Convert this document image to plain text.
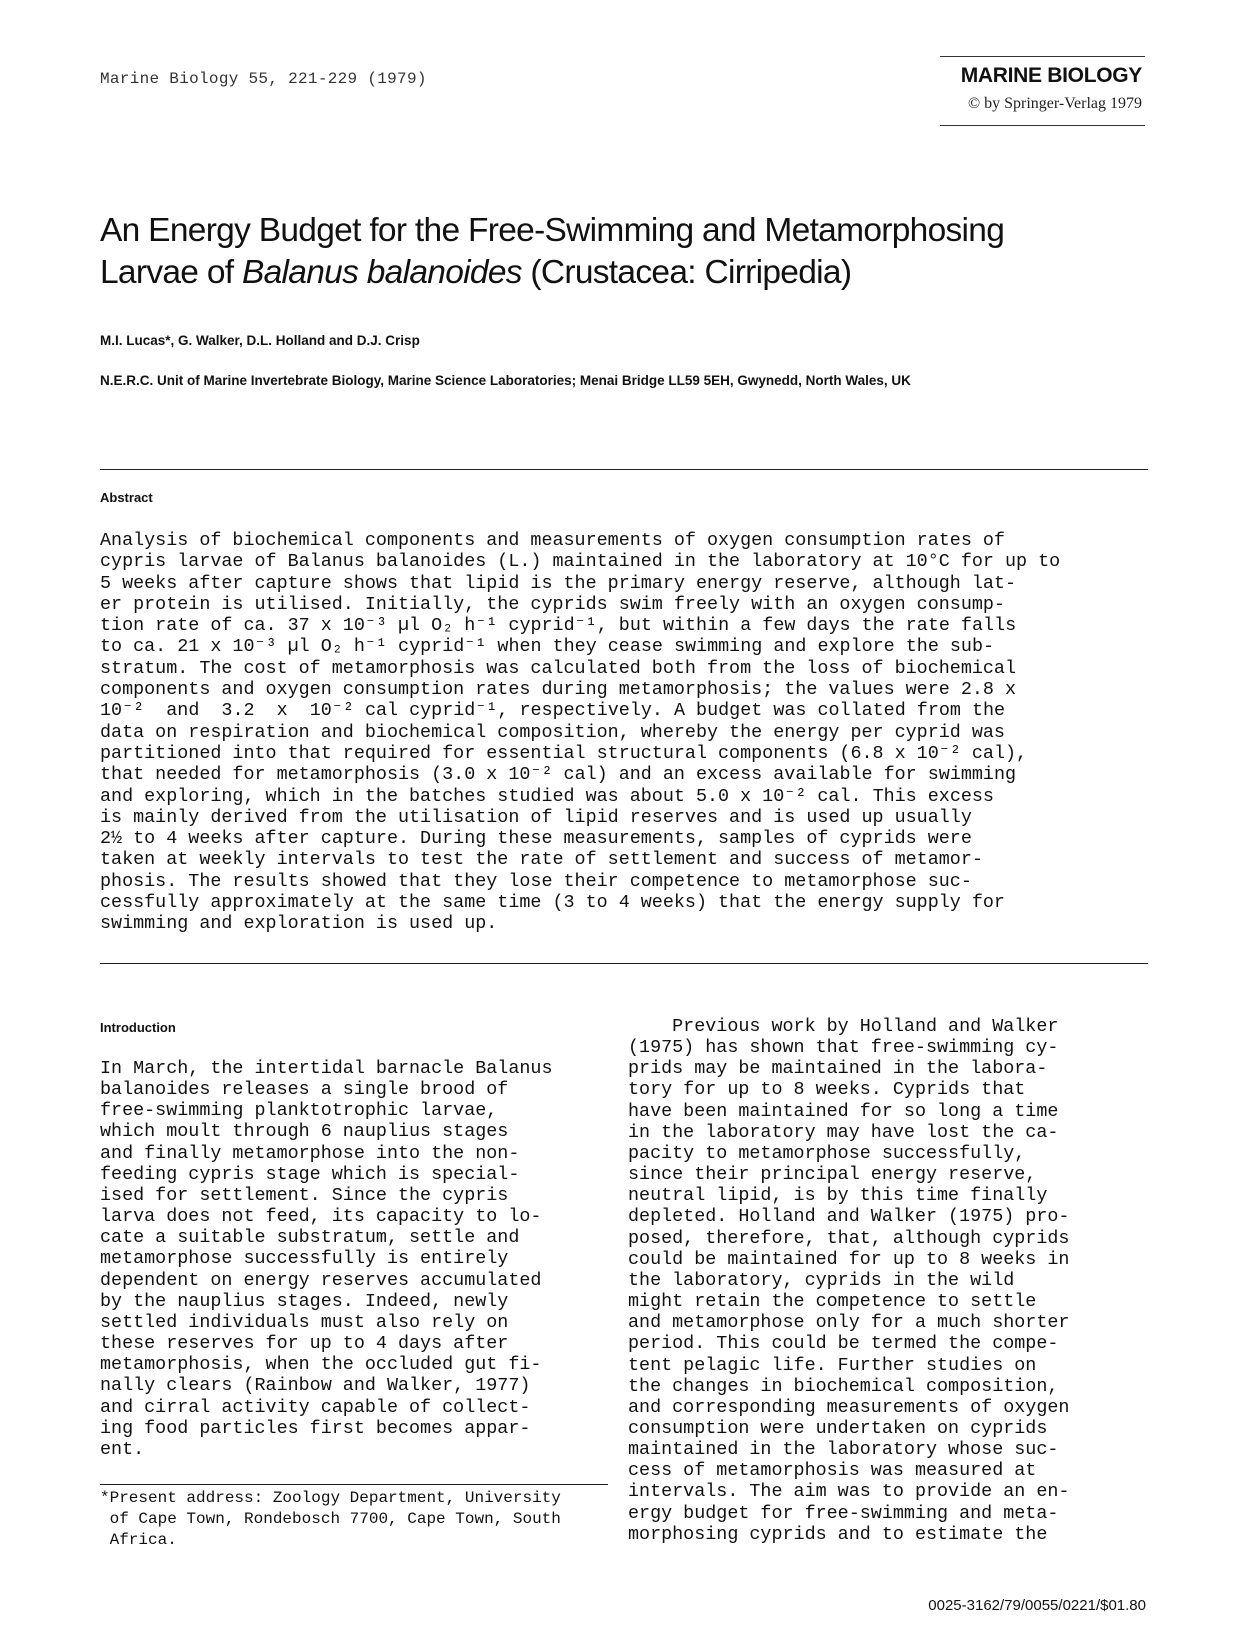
Marine Biology 55, 221-229 (1979)	MARINE BIOLOGY
© by Springer-Verlag 1979
An Energy Budget for the Free-Swimming and Metamorphosing
Larvae of Balanus balanoides (Crustacea: Cirripedia)
M.I. Lucas*, G. Walker, D.L. Holland and D.J. Crisp
N.E.R.C. Unit of Marine Invertebrate Biology, Marine Science Laboratories; Menai Bridge LL59 5EH, Gwynedd, North Wales, UK
Abstract
Analysis of biochemical components and measurements of oxygen consumption rates of
cypris larvae of Balanus balanoides (L.) maintained in the laboratory at 10°C for up to
5 weeks after capture shows that lipid is the primary energy reserve, although lat-
er protein is utilised. Initially, the cyprids swim freely with an oxygen consump-
tion rate of ca. 37 x 10⁻³ µl O₂ h⁻¹ cyprid⁻¹, but within a few days the rate falls
to ca. 21 x 10⁻³ µl O₂ h⁻¹ cyprid⁻¹ when they cease swimming and explore the sub-
stratum. The cost of metamorphosis was calculated both from the loss of biochemical
components and oxygen consumption rates during metamorphosis; the values were 2.8 x
10⁻²  and  3.2  x  10⁻² cal cyprid⁻¹, respectively. A budget was collated from the
data on respiration and biochemical composition, whereby the energy per cyprid was
partitioned into that required for essential structural components (6.8 x 10⁻² cal),
that needed for metamorphosis (3.0 x 10⁻² cal) and an excess available for swimming
and exploring, which in the batches studied was about 5.0 x 10⁻² cal. This excess
is mainly derived from the utilisation of lipid reserves and is used up usually
2½ to 4 weeks after capture. During these measurements, samples of cyprids were
taken at weekly intervals to test the rate of settlement and success of metamor-
phosis. The results showed that they lose their competence to metamorphose suc-
cessfully approximately at the same time (3 to 4 weeks) that the energy supply for
swimming and exploration is used up.
Introduction
In March, the intertidal barnacle Balanus
balanoides releases a single brood of
free-swimming planktotrophic larvae,
which moult through 6 nauplius stages
and finally metamorphose into the non-
feeding cypris stage which is special-
ised for settlement. Since the cypris
larva does not feed, its capacity to lo-
cate a suitable substratum, settle and
metamorphose successfully is entirely
dependent on energy reserves accumulated
by the nauplius stages. Indeed, newly
settled individuals must also rely on
these reserves for up to 4 days after
metamorphosis, when the occluded gut fi-
nally clears (Rainbow and Walker, 1977)
and cirral activity capable of collect-
ing food particles first becomes appar-
ent.
Previous work by Holland and Walker
(1975) has shown that free-swimming cy-
prids may be maintained in the labora-
tory for up to 8 weeks. Cyprids that
have been maintained for so long a time
in the laboratory may have lost the ca-
pacity to metamorphose successfully,
since their principal energy reserve,
neutral lipid, is by this time finally
depleted. Holland and Walker (1975) pro-
posed, therefore, that, although cyprids
could be maintained for up to 8 weeks in
the laboratory, cyprids in the wild
might retain the competence to settle
and metamorphose only for a much shorter
period. This could be termed the compe-
tent pelagic life. Further studies on
the changes in biochemical composition,
and corresponding measurements of oxygen
consumption were undertaken on cyprids
maintained in the laboratory whose suc-
cess of metamorphosis was measured at
intervals. The aim was to provide an en-
ergy budget for free-swimming and meta-
morphosing cyprids and to estimate the
*Present address: Zoology Department, University
of Cape Town, Rondebosch 7700, Cape Town, South
Africa.
0025-3162/79/0055/0221/$01.80
